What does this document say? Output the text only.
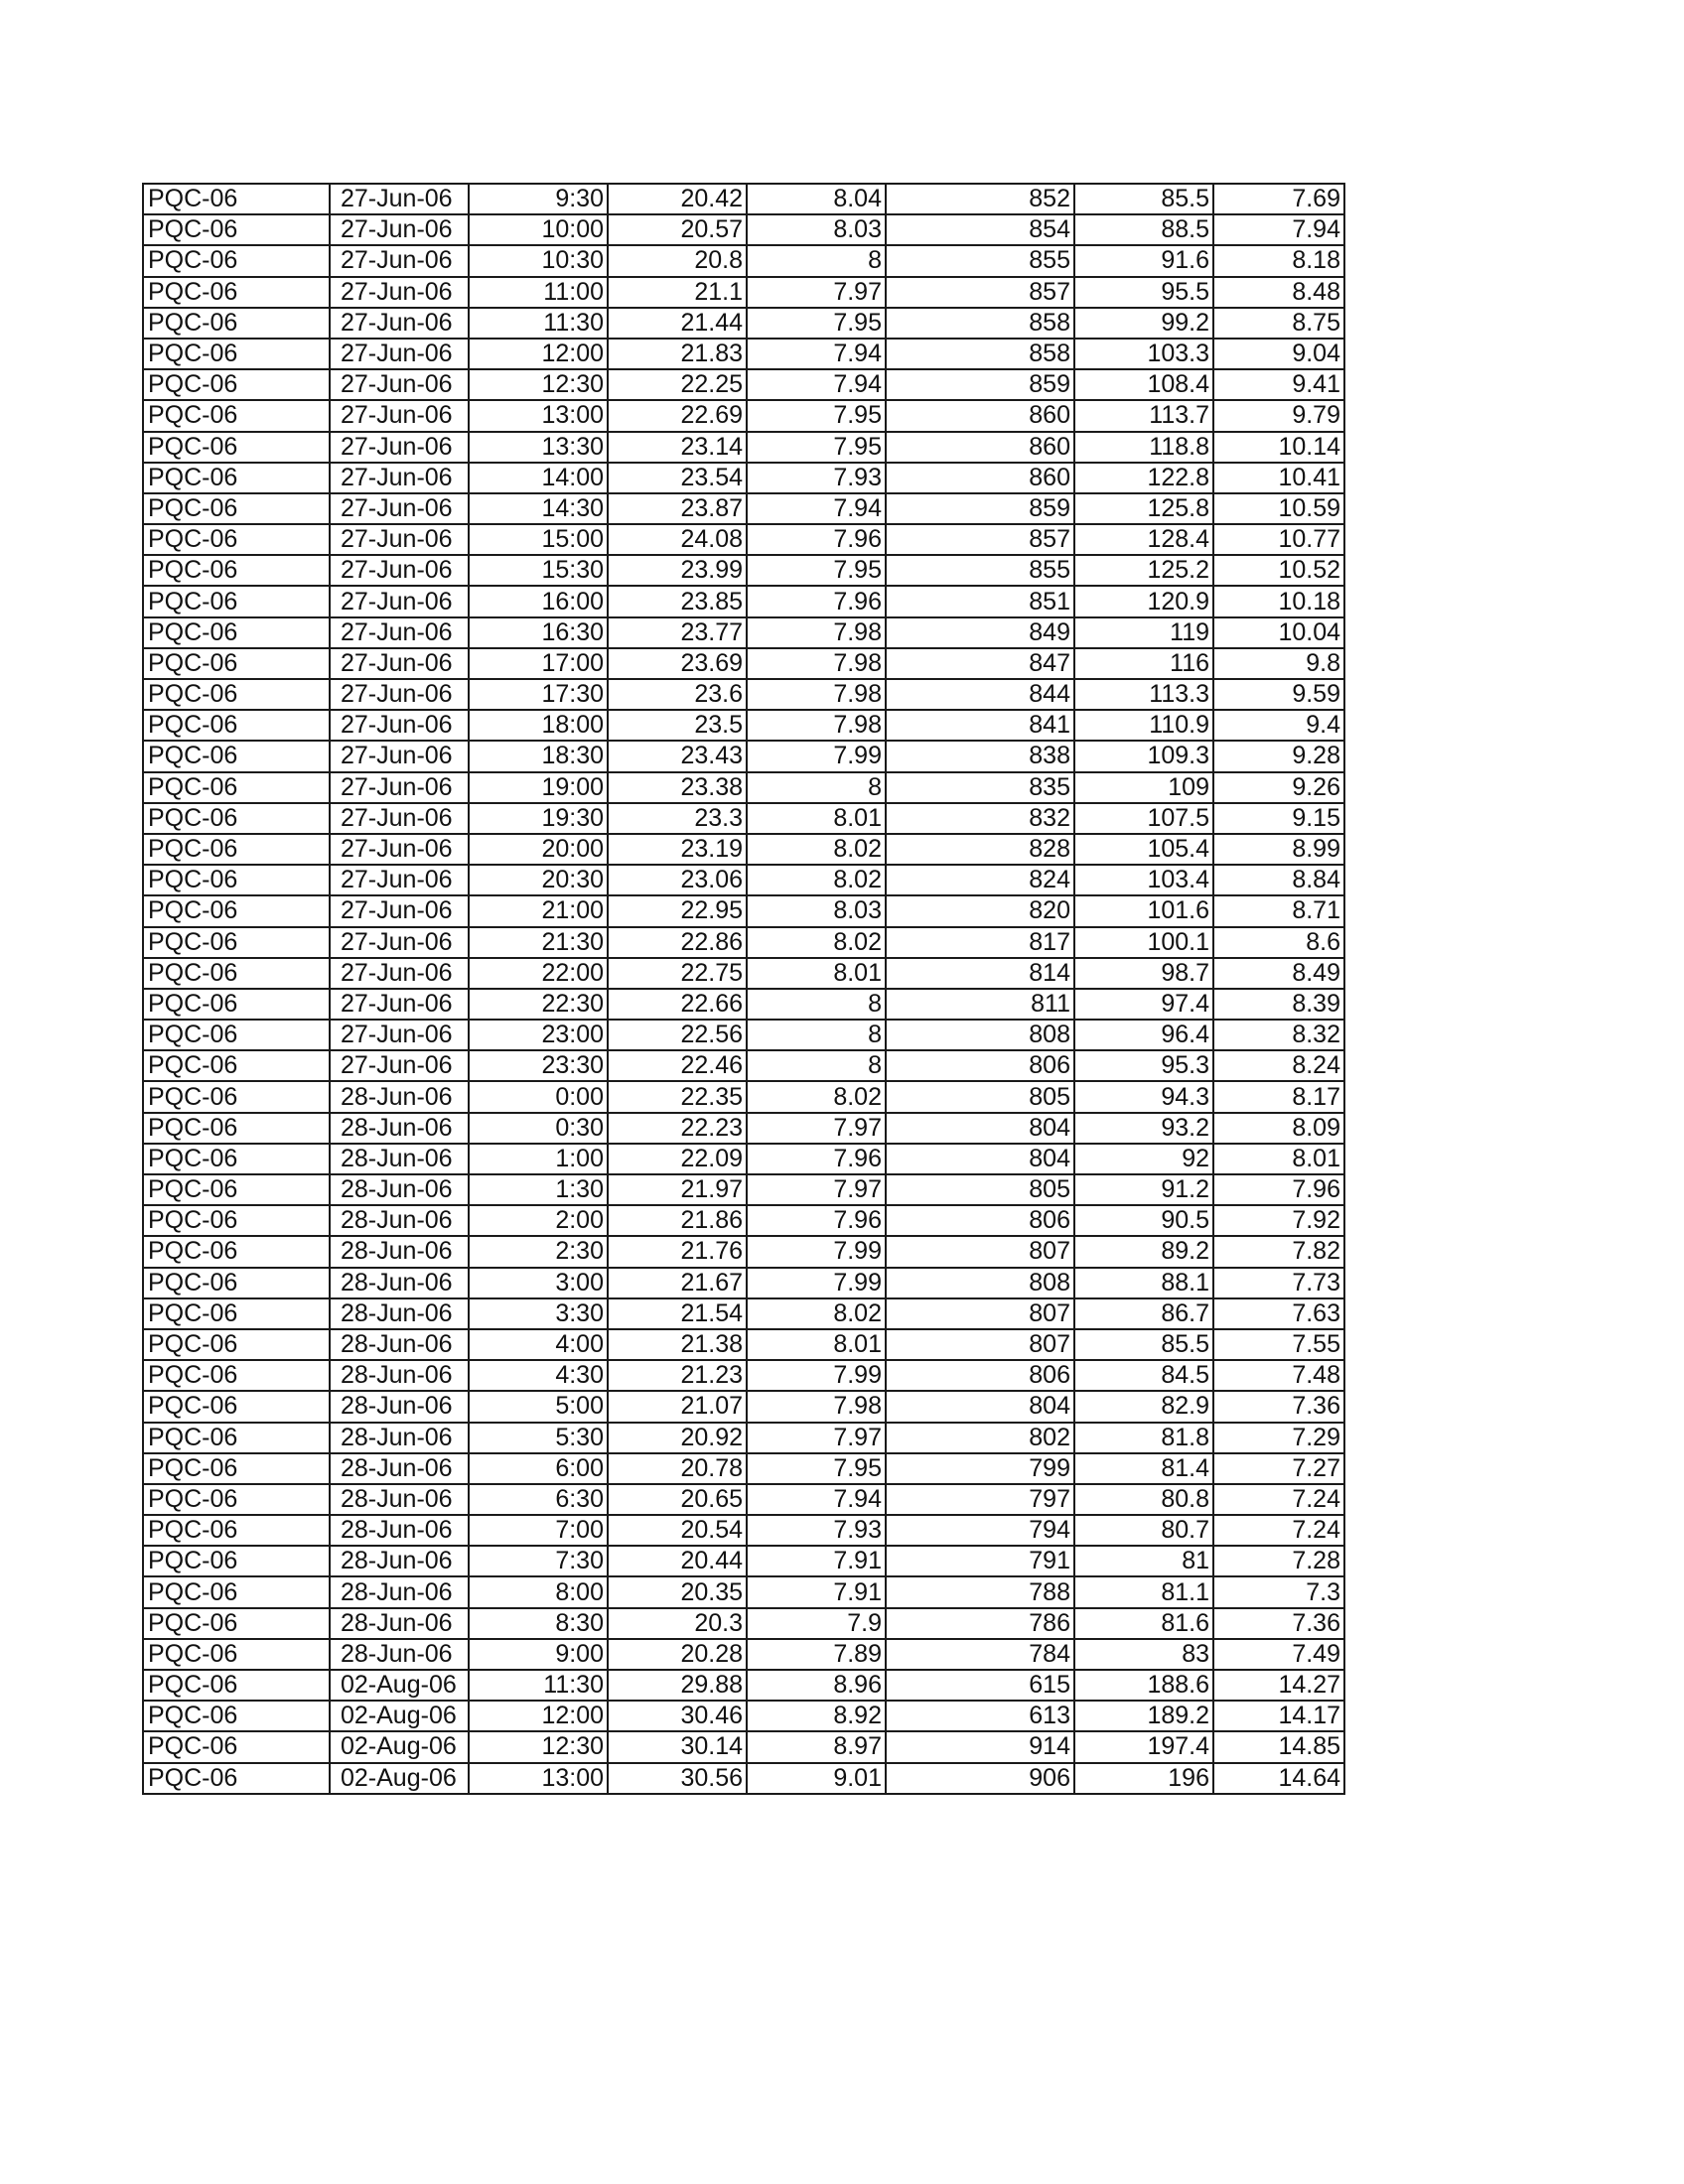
PQC-06	27-Jun-06	9:30	20.42	8.04	852	85.5	7.69
PQC-06	27-Jun-06	10:00	20.57	8.03	854	88.5	7.94
PQC-06	27-Jun-06	10:30	20.8	8	855	91.6	8.18
PQC-06	27-Jun-06	11:00	21.1	7.97	857	95.5	8.48
PQC-06	27-Jun-06	11:30	21.44	7.95	858	99.2	8.75
PQC-06	27-Jun-06	12:00	21.83	7.94	858	103.3	9.04
PQC-06	27-Jun-06	12:30	22.25	7.94	859	108.4	9.41
PQC-06	27-Jun-06	13:00	22.69	7.95	860	113.7	9.79
PQC-06	27-Jun-06	13:30	23.14	7.95	860	118.8	10.14
PQC-06	27-Jun-06	14:00	23.54	7.93	860	122.8	10.41
PQC-06	27-Jun-06	14:30	23.87	7.94	859	125.8	10.59
PQC-06	27-Jun-06	15:00	24.08	7.96	857	128.4	10.77
PQC-06	27-Jun-06	15:30	23.99	7.95	855	125.2	10.52
PQC-06	27-Jun-06	16:00	23.85	7.96	851	120.9	10.18
PQC-06	27-Jun-06	16:30	23.77	7.98	849	119	10.04
PQC-06	27-Jun-06	17:00	23.69	7.98	847	116	9.8
PQC-06	27-Jun-06	17:30	23.6	7.98	844	113.3	9.59
PQC-06	27-Jun-06	18:00	23.5	7.98	841	110.9	9.4
PQC-06	27-Jun-06	18:30	23.43	7.99	838	109.3	9.28
PQC-06	27-Jun-06	19:00	23.38	8	835	109	9.26
PQC-06	27-Jun-06	19:30	23.3	8.01	832	107.5	9.15
PQC-06	27-Jun-06	20:00	23.19	8.02	828	105.4	8.99
PQC-06	27-Jun-06	20:30	23.06	8.02	824	103.4	8.84
PQC-06	27-Jun-06	21:00	22.95	8.03	820	101.6	8.71
PQC-06	27-Jun-06	21:30	22.86	8.02	817	100.1	8.6
PQC-06	27-Jun-06	22:00	22.75	8.01	814	98.7	8.49
PQC-06	27-Jun-06	22:30	22.66	8	811	97.4	8.39
PQC-06	27-Jun-06	23:00	22.56	8	808	96.4	8.32
PQC-06	27-Jun-06	23:30	22.46	8	806	95.3	8.24
PQC-06	28-Jun-06	0:00	22.35	8.02	805	94.3	8.17
PQC-06	28-Jun-06	0:30	22.23	7.97	804	93.2	8.09
PQC-06	28-Jun-06	1:00	22.09	7.96	804	92	8.01
PQC-06	28-Jun-06	1:30	21.97	7.97	805	91.2	7.96
PQC-06	28-Jun-06	2:00	21.86	7.96	806	90.5	7.92
PQC-06	28-Jun-06	2:30	21.76	7.99	807	89.2	7.82
PQC-06	28-Jun-06	3:00	21.67	7.99	808	88.1	7.73
PQC-06	28-Jun-06	3:30	21.54	8.02	807	86.7	7.63
PQC-06	28-Jun-06	4:00	21.38	8.01	807	85.5	7.55
PQC-06	28-Jun-06	4:30	21.23	7.99	806	84.5	7.48
PQC-06	28-Jun-06	5:00	21.07	7.98	804	82.9	7.36
PQC-06	28-Jun-06	5:30	20.92	7.97	802	81.8	7.29
PQC-06	28-Jun-06	6:00	20.78	7.95	799	81.4	7.27
PQC-06	28-Jun-06	6:30	20.65	7.94	797	80.8	7.24
PQC-06	28-Jun-06	7:00	20.54	7.93	794	80.7	7.24
PQC-06	28-Jun-06	7:30	20.44	7.91	791	81	7.28
PQC-06	28-Jun-06	8:00	20.35	7.91	788	81.1	7.3
PQC-06	28-Jun-06	8:30	20.3	7.9	786	81.6	7.36
PQC-06	28-Jun-06	9:00	20.28	7.89	784	83	7.49
PQC-06	02-Aug-06	11:30	29.88	8.96	615	188.6	14.27
PQC-06	02-Aug-06	12:00	30.46	8.92	613	189.2	14.17
PQC-06	02-Aug-06	12:30	30.14	8.97	914	197.4	14.85
PQC-06	02-Aug-06	13:00	30.56	9.01	906	196	14.64
